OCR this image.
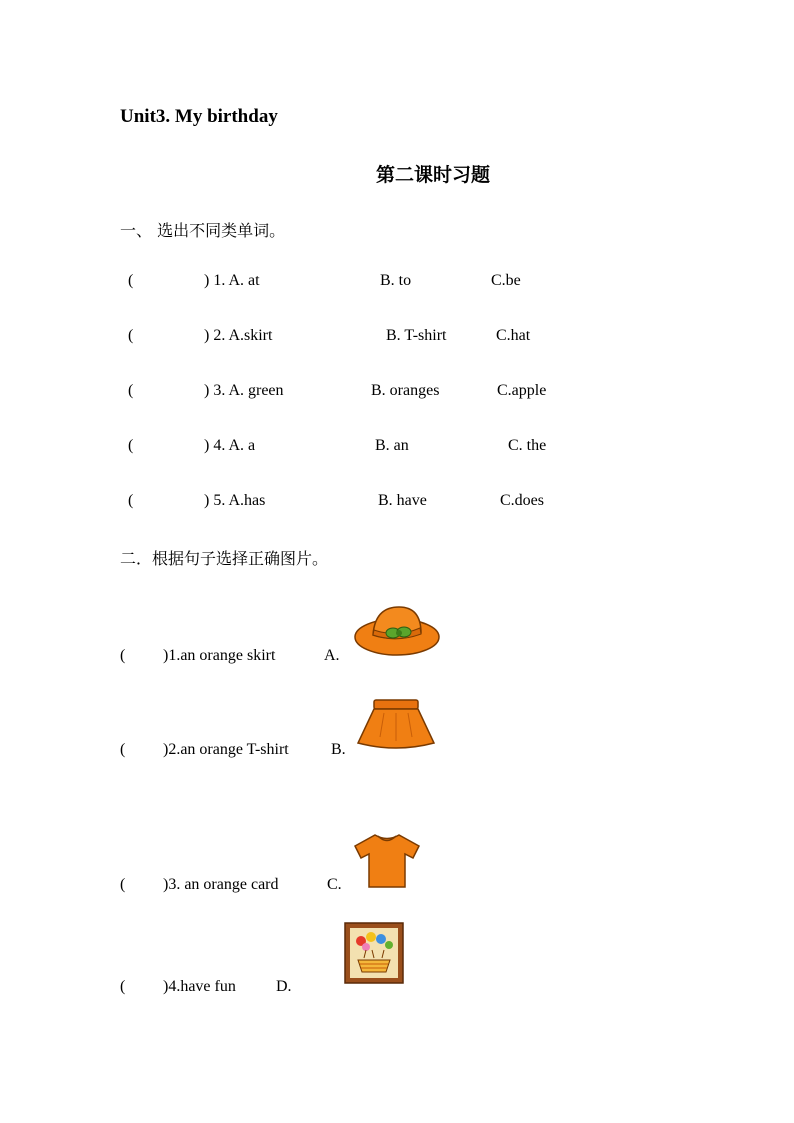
Unit3. My birthday
第二课时习题
一、 选出不同类单词。
(	) 1. A. at	B. to	C.be
(	) 2. A.skirt	B. T-shirt	C.hat
(	) 3. A. green	B. oranges	C.apple
(	) 4. A. a	B. an	C. the
(	) 5. A.has	B. have	C.does
二．根据句子选择正确图片。
( )1.an orange skirt	A.
( )2.an orange T-shirt	B.
( )3. an orange card	C.
( )4.have fun	D.
